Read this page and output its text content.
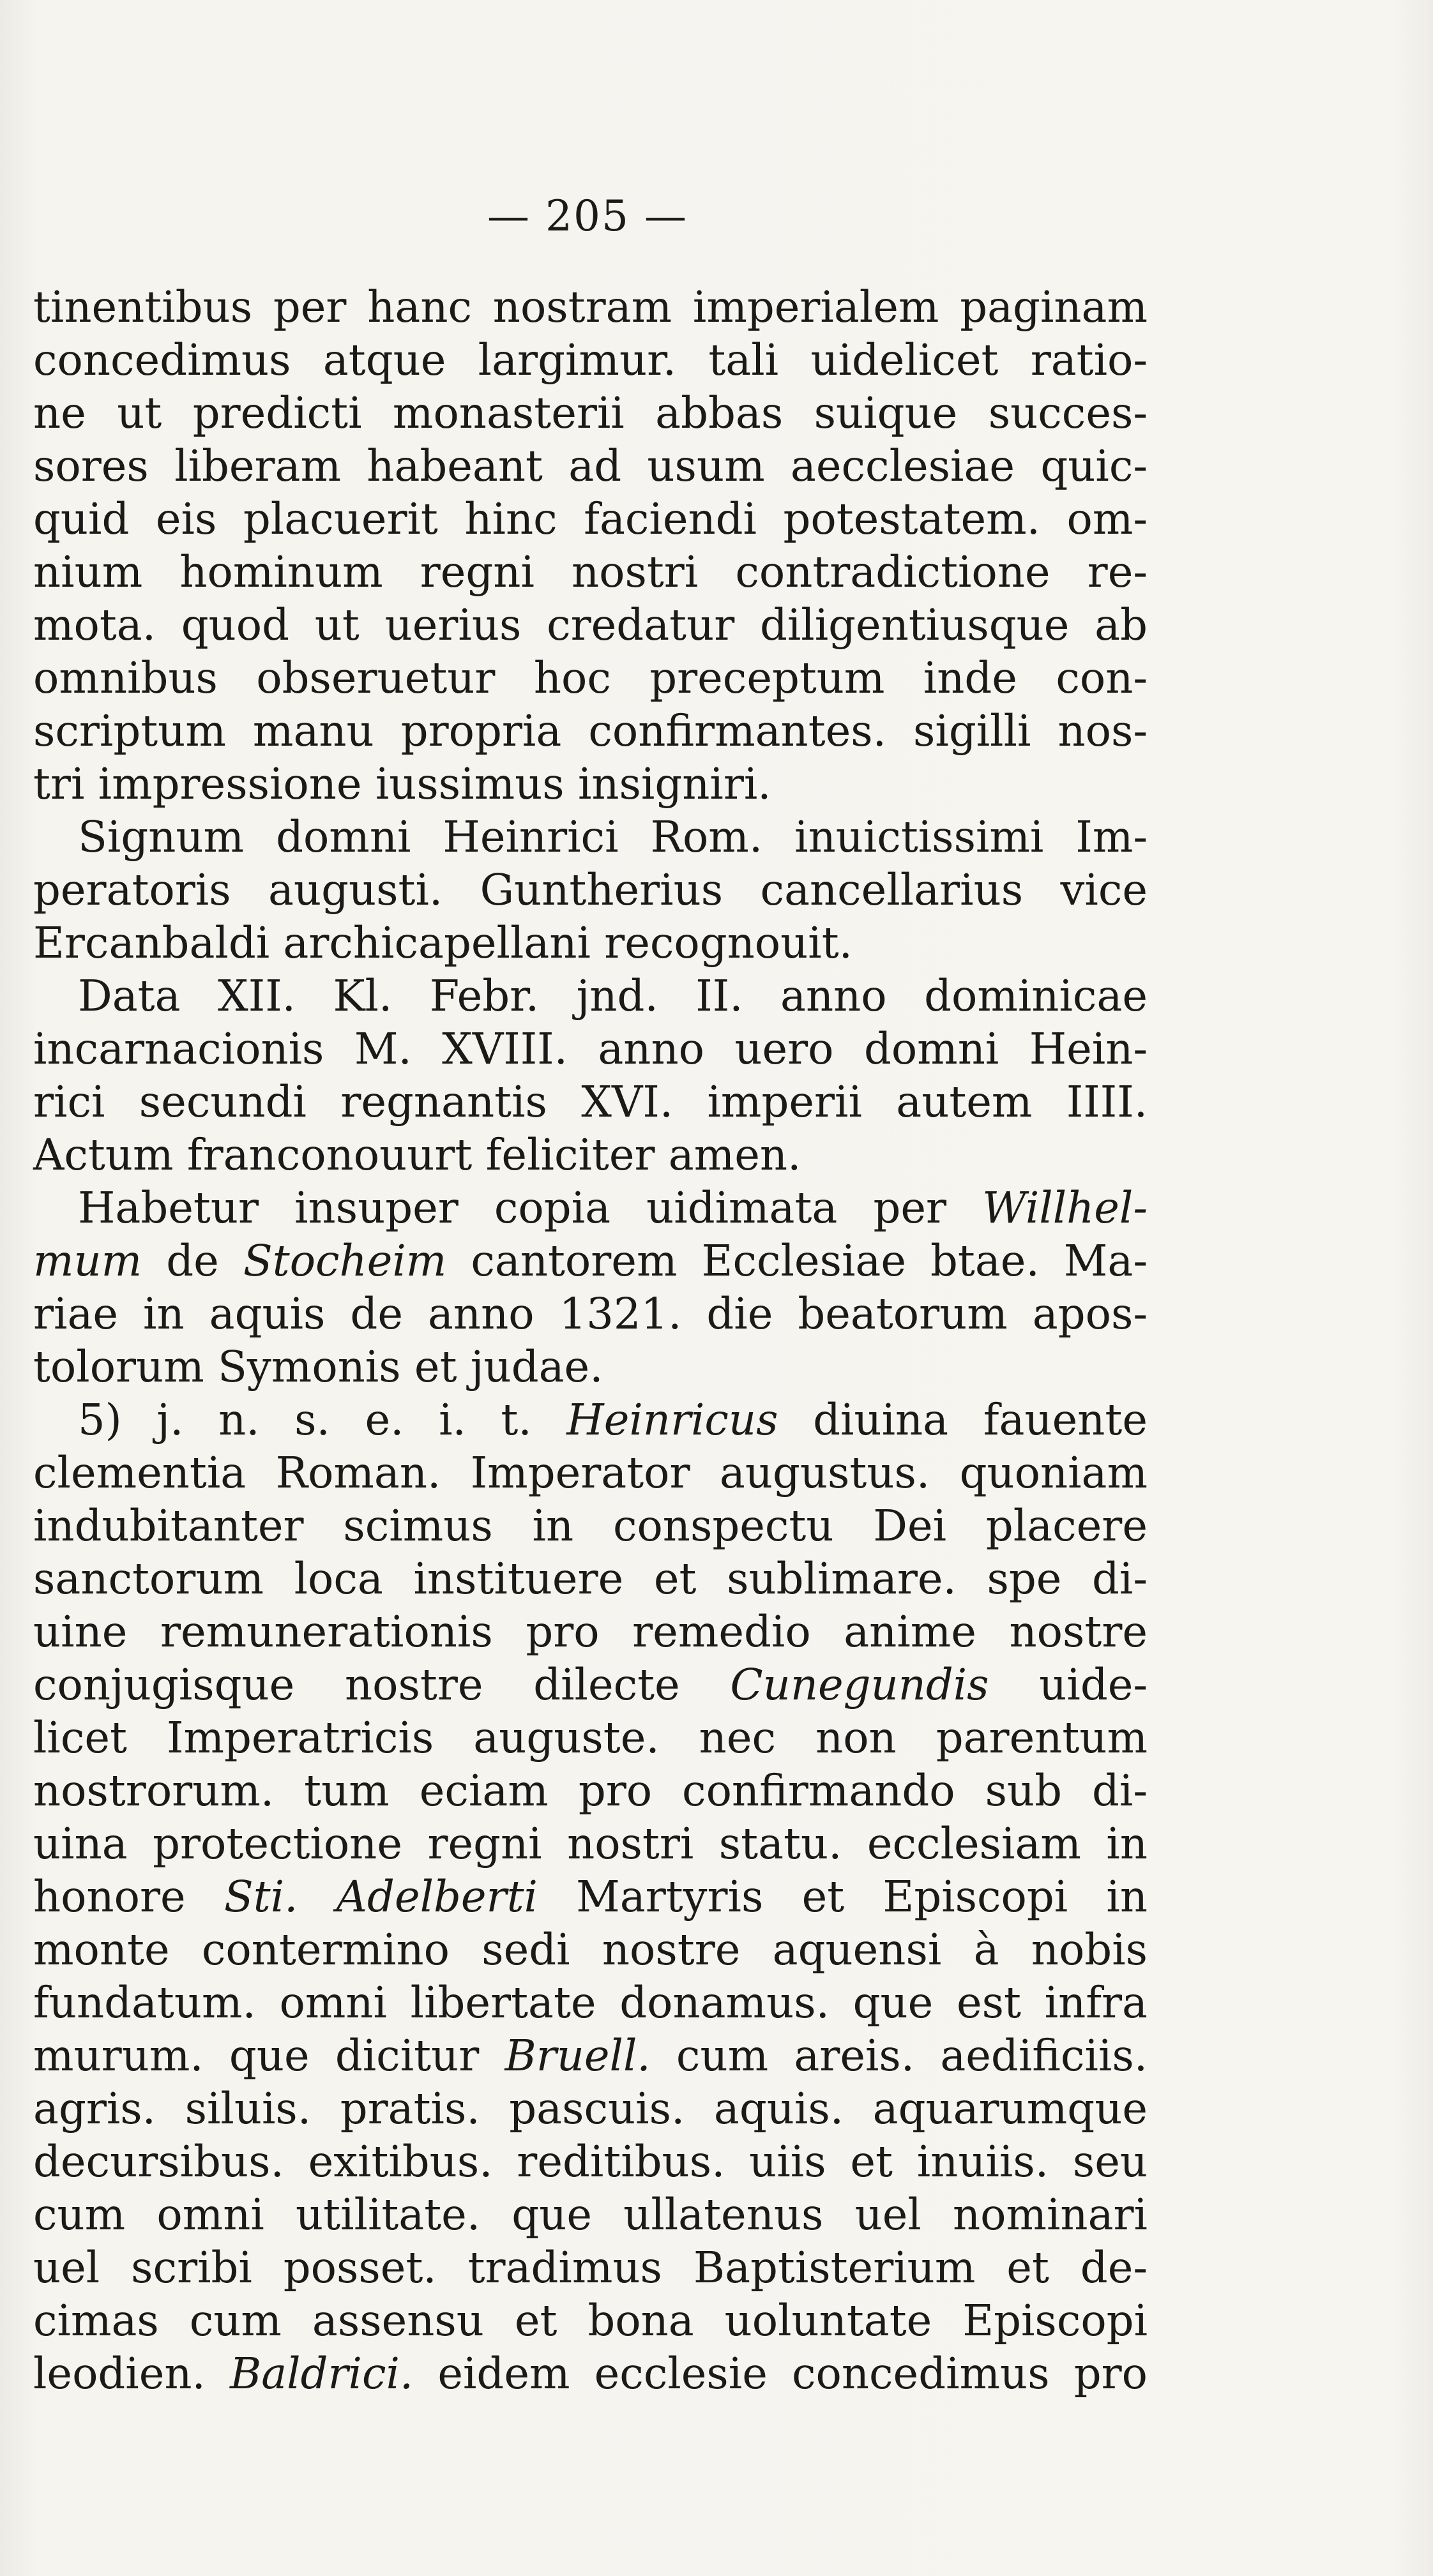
— 205 —
tinentibus per hanc nostram imperialem paginam
concedimus atque largimur. tali uidelicet ratio-
ne ut predicti monasterii abbas suique succes-
sores liberam habeant ad usum aecclesiae quic-
quid eis placuerit hinc faciendi potestatem. om-
nium hominum regni nostri contradictione re-
mota. quod ut uerius credatur diligentiusque ab
omnibus obseruetur hoc preceptum inde con-
scriptum manu propria confirmantes. sigilli nos-
tri impressione iussimus insigniri.
Signum domni Heinrici Rom. inuictissimi Im-
peratoris augusti. Guntherius cancellarius vice
Ercanbaldi archicapellani recognouit.
Data XII. Kl. Febr. jnd. II. anno dominicae
incarnacionis M. XVIII. anno uero domni Hein-
rici secundi regnantis XVI. imperii autem IIII.
Actum franconouurt feliciter amen.
Habetur insuper copia uidimata per Willhel-
mum de Stocheim cantorem Ecclesiae btae. Ma-
riae in aquis de anno 1321. die beatorum apos-
tolorum Symonis et judae.
5) j. n. s. e. i. t. Heinricus diuina fauente
clementia Roman. Imperator augustus. quoniam
indubitanter scimus in conspectu Dei placere
sanctorum loca instituere et sublimare. spe di-
uine remunerationis pro remedio anime nostre
conjugisque nostre dilecte Cunegundis uide-
licet Imperatricis auguste. nec non parentum
nostrorum. tum eciam pro confirmando sub di-
uina protectione regni nostri statu. ecclesiam in
honore Sti. Adelberti Martyris et Episcopi in
monte contermino sedi nostre aquensi à nobis
fundatum. omni libertate donamus. que est infra
murum. que dicitur Bruell. cum areis. aedificiis.
agris. siluis. pratis. pascuis. aquis. aquarumque
decursibus. exitibus. reditibus. uiis et inuiis. seu
cum omni utilitate. que ullatenus uel nominari
uel scribi posset. tradimus Baptisterium et de-
cimas cum assensu et bona uoluntate Episcopi
leodien. Baldrici. eidem ecclesie concedimus pro
